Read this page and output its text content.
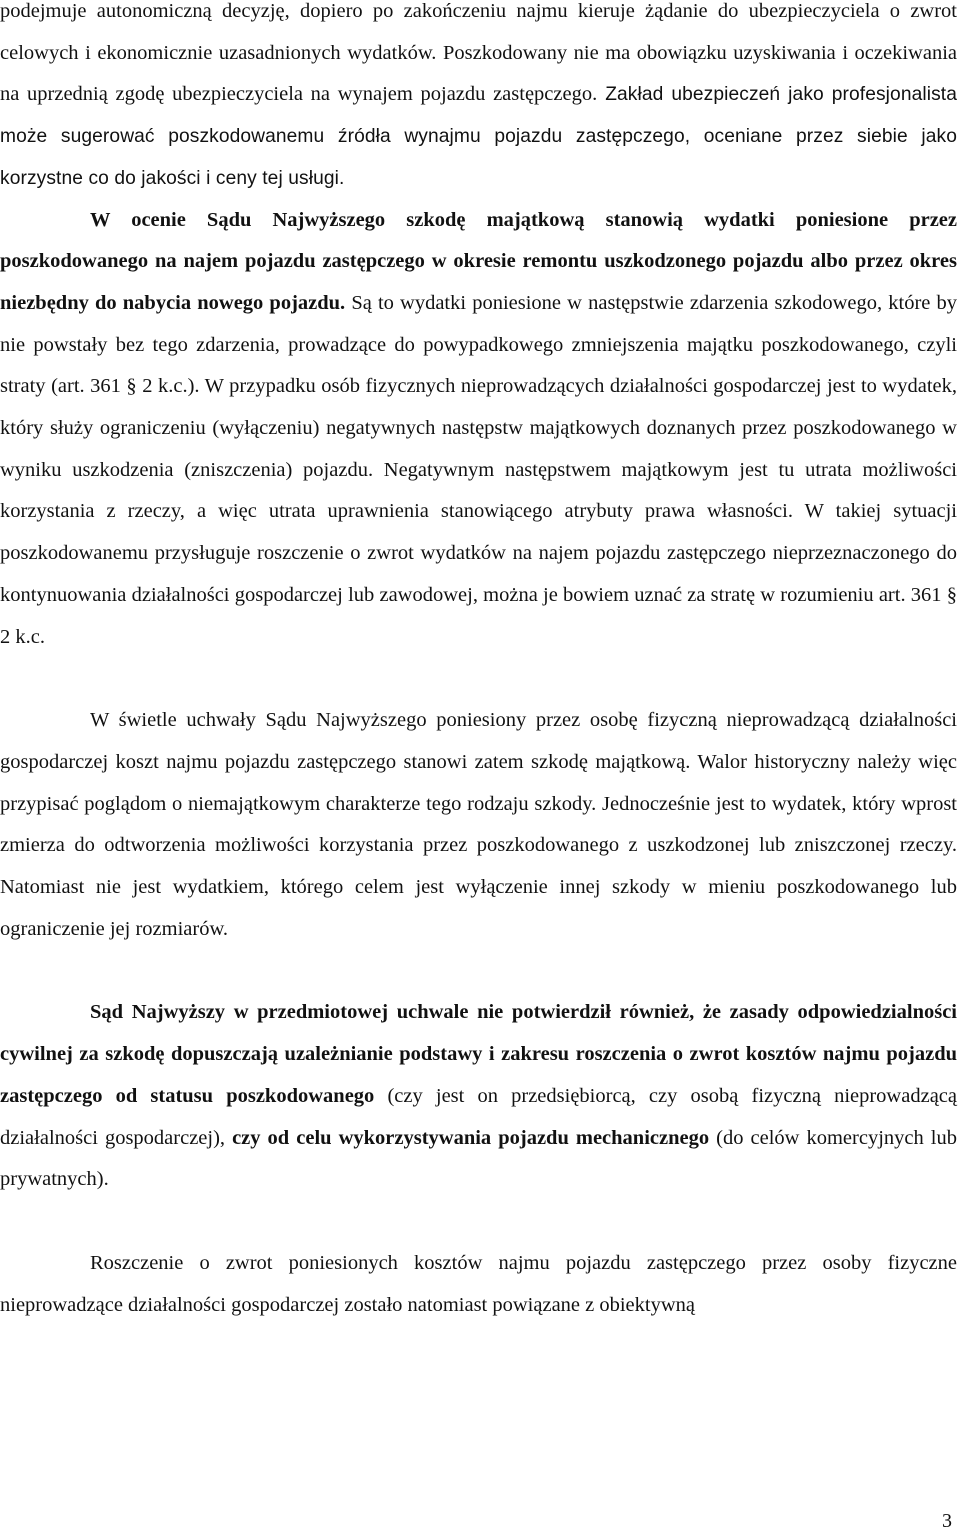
podejmuje autonomiczną decyzję, dopiero po zakończeniu najmu kieruje żądanie do ubezpieczyciela o zwrot celowych i ekonomicznie uzasadnionych wydatków. Poszkodowany nie ma obowiązku uzyskiwania i oczekiwania na uprzednią zgodę ubezpieczyciela na wynajem pojazdu zastępczego. Zakład ubezpieczeń jako profesjonalista może sugerować poszkodowanemu źródła wynajmu pojazdu zastępczego, oceniane przez siebie jako korzystne co do jakości i ceny tej usługi.

W ocenie Sądu Najwyższego szkodę majątkową stanowią wydatki poniesione przez poszkodowanego na najem pojazdu zastępczego w okresie remontu uszkodzonego pojazdu albo przez okres niezbędny do nabycia nowego pojazdu. Są to wydatki poniesione w następstwie zdarzenia szkodowego, które by nie powstały bez tego zdarzenia, prowadzące do powypadkowego zmniejszenia majątku poszkodowanego, czyli straty (art. 361 § 2 k.c.). W przypadku osób fizycznych nieprowadzących działalności gospodarczej jest to wydatek, który służy ograniczeniu (wyłączeniu) negatywnych następstw majątkowych doznanych przez poszkodowanego w wyniku uszkodzenia (zniszczenia) pojazdu. Negatywnym następstwem majątkowym jest tu utrata możliwości korzystania z rzeczy, a więc utrata uprawnienia stanowiącego atrybuty prawa własności. W takiej sytuacji poszkodowanemu przysługuje roszczenie o zwrot wydatków na najem pojazdu zastępczego nieprzeznaczonego do kontynuowania działalności gospodarczej lub zawodowej, można je bowiem uznać za stratę w rozumieniu art. 361 § 2 k.c.

W świetle uchwały Sądu Najwyższego poniesiony przez osobę fizyczną nieprowadzącą działalności gospodarczej koszt najmu pojazdu zastępczego stanowi zatem szkodę majątkową. Walor historyczny należy więc przypisać poglądom o niemajątkowym charakterze tego rodzaju szkody. Jednocześnie jest to wydatek, który wprost zmierza do odtworzenia możliwości korzystania przez poszkodowanego z uszkodzonej lub zniszczonej rzeczy. Natomiast nie jest wydatkiem, którego celem jest wyłączenie innej szkody w mieniu poszkodowanego lub ograniczenie jej rozmiarów.

Sąd Najwyższy w przedmiotowej uchwale nie potwierdził również, że zasady odpowiedzialności cywilnej za szkodę dopuszczają uzależnianie podstawy i zakresu roszczenia o zwrot kosztów najmu pojazdu zastępczego od statusu poszkodowanego (czy jest on przedsiębiorcą, czy osobą fizyczną nieprowadzącą działalności gospodarczej), czy od celu wykorzystywania pojazdu mechanicznego (do celów komercyjnych lub prywatnych).

Roszczenie o zwrot poniesionych kosztów najmu pojazdu zastępczego przez osoby fizyczne nieprowadzące działalności gospodarczej zostało natomiast powiązane z obiektywną

3
